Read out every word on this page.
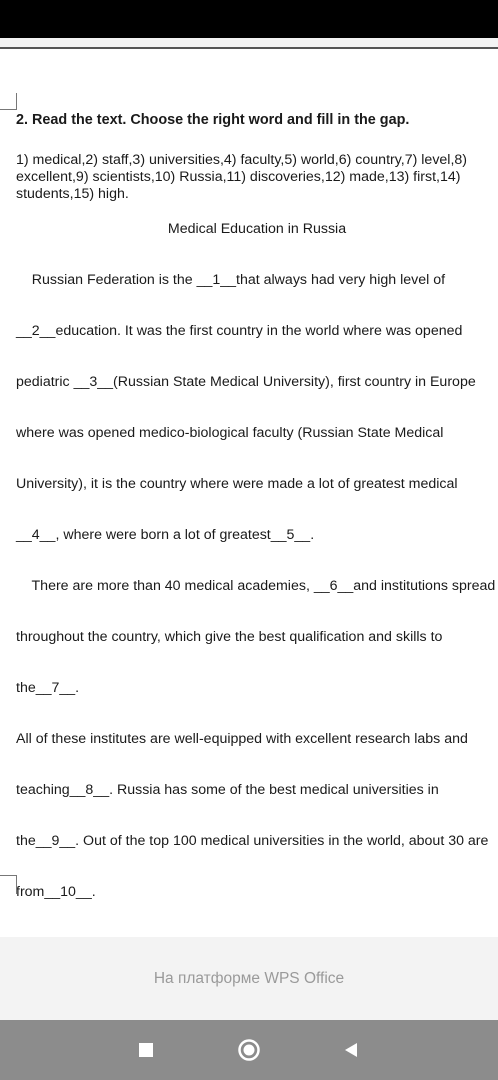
2. Read the text. Choose the right word and fill in the gap.
1) medical,2) staff,3) universities,4) faculty,5) world,6) country,7) level,8)
excellent,9) scientists,10) Russia,11) discoveries,12) made,13) first,14)
students,15) high.
Medical Education in Russia

Russian Federation is the __1__that always had very high level of

__2__education. It was the first country in the world where was opened

pediatric __3__(Russian State Medical University), first country in Europe

where was opened medico-biological faculty (Russian State Medical

University), it is the country where were made a lot of greatest medical

__4__, where were born a lot of greatest__5__.

There are more than 40 medical academies, __6__and institutions spread

throughout the country, which give the best qualification and skills to

the__7__.

All of these institutes are well-equipped with excellent research labs and

teaching__8__. Russia has some of the best medical universities in

the__9__. Out of the top 100 medical universities in the world, about 30 are

from__10__.

На платформе WPS Office
